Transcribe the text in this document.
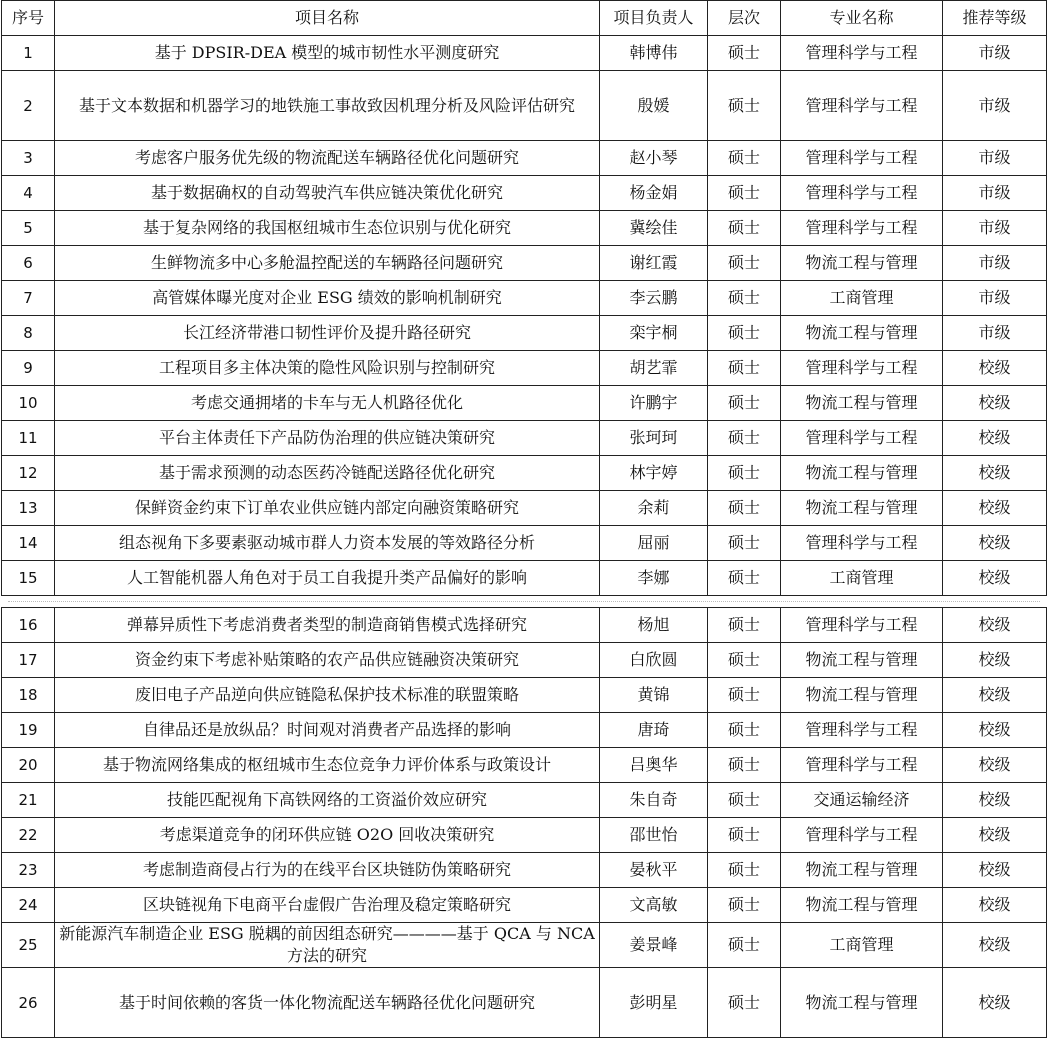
序号	项目名称	项目负责人	层次	专业名称	推荐等级
1	基于 DPSIR-DEA 模型的城市韧性水平测度研究	韩博伟	硕士	管理科学与工程	市级
2	基于文本数据和机器学习的地铁施工事故致因机理分析及风险评估研究	殷媛	硕士	管理科学与工程	市级
3	考虑客户服务优先级的物流配送车辆路径优化问题研究	赵小琴	硕士	管理科学与工程	市级
4	基于数据确权的自动驾驶汽车供应链决策优化研究	杨金娟	硕士	管理科学与工程	市级
5	基于复杂网络的我国枢纽城市生态位识别与优化研究	冀绘佳	硕士	管理科学与工程	市级
6	生鲜物流多中心多舱温控配送的车辆路径问题研究	谢红霞	硕士	物流工程与管理	市级
7	高管媒体曝光度对企业 ESG 绩效的影响机制研究	李云鹏	硕士	工商管理	市级
8	长江经济带港口韧性评价及提升路径研究	栾宇桐	硕士	物流工程与管理	市级
9	工程项目多主体决策的隐性风险识别与控制研究	胡艺霏	硕士	管理科学与工程	校级
10	考虑交通拥堵的卡车与无人机路径优化	许鹏宇	硕士	物流工程与管理	校级
11	平台主体责任下产品防伪治理的供应链决策研究	张珂珂	硕士	管理科学与工程	校级
12	基于需求预测的动态医药冷链配送路径优化研究	林宇婷	硕士	物流工程与管理	校级
13	保鲜资金约束下订单农业供应链内部定向融资策略研究	余莉	硕士	物流工程与管理	校级
14	组态视角下多要素驱动城市群人力资本发展的等效路径分析	屈丽	硕士	管理科学与工程	校级
15	人工智能机器人角色对于员工自我提升类产品偏好的影响	李娜	硕士	工商管理	校级
16	弹幕异质性下考虑消费者类型的制造商销售模式选择研究	杨旭	硕士	管理科学与工程	校级
17	资金约束下考虑补贴策略的农产品供应链融资决策研究	白欣圆	硕士	物流工程与管理	校级
18	废旧电子产品逆向供应链隐私保护技术标准的联盟策略	黄锦	硕士	物流工程与管理	校级
19	自律品还是放纵品？时间观对消费者产品选择的影响	唐琦	硕士	管理科学与工程	校级
20	基于物流网络集成的枢纽城市生态位竞争力评价体系与政策设计	吕奥华	硕士	管理科学与工程	校级
21	技能匹配视角下高铁网络的工资溢价效应研究	朱自奇	硕士	交通运输经济	校级
22	考虑渠道竞争的闭环供应链 O2O 回收决策研究	邵世怡	硕士	管理科学与工程	校级
23	考虑制造商侵占行为的在线平台区块链防伪策略研究	晏秋平	硕士	物流工程与管理	校级
24	区块链视角下电商平台虚假广告治理及稳定策略研究	文高敏	硕士	物流工程与管理	校级
25	新能源汽车制造企业 ESG 脱耦的前因组态研究————基于 QCA 与 NCA 方法的研究	姜景峰	硕士	工商管理	校级
26	基于时间依赖的客货一体化物流配送车辆路径优化问题研究	彭明星	硕士	物流工程与管理	校级
